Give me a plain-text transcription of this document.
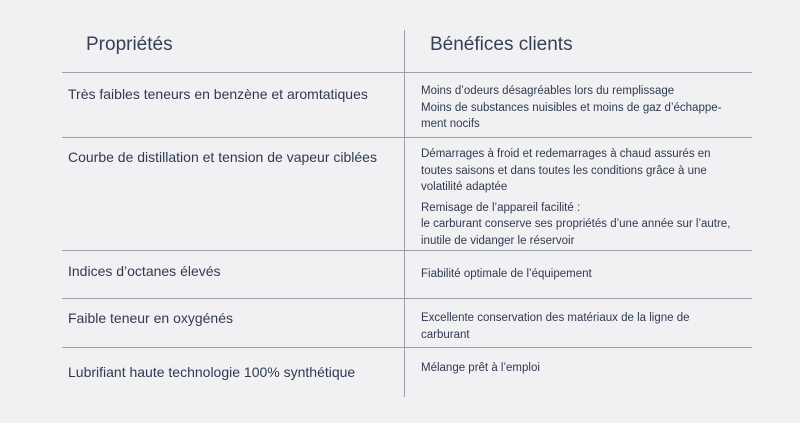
Propriétés	Bénéfices clients
Très faibles teneurs en benzène et aromtatiques	Moins d’odeurs désagréables lors du remplissage

Moins de substances nuisibles et moins de gaz d’échappe- ment nocifs

Courbe de distillation et tension de vapeur ciblées	Démarrages à froid et redemarrages à chaud assurés en toutes saisons et dans toutes les conditions grâce à une volatilité adaptée

Remisage de l’appareil facilité :

le carburant conserve ses propriétés d’une année sur l’autre, inutile de vidanger le réservoir

Indices d’octanes élevés	Fiabilité optimale de l’équipement

Faible teneur en oxygénés	Excellente conservation des matériaux de la ligne de carburant

Lubrifiant haute technologie 100% synthétique	Mélange prêt à l’emploi
